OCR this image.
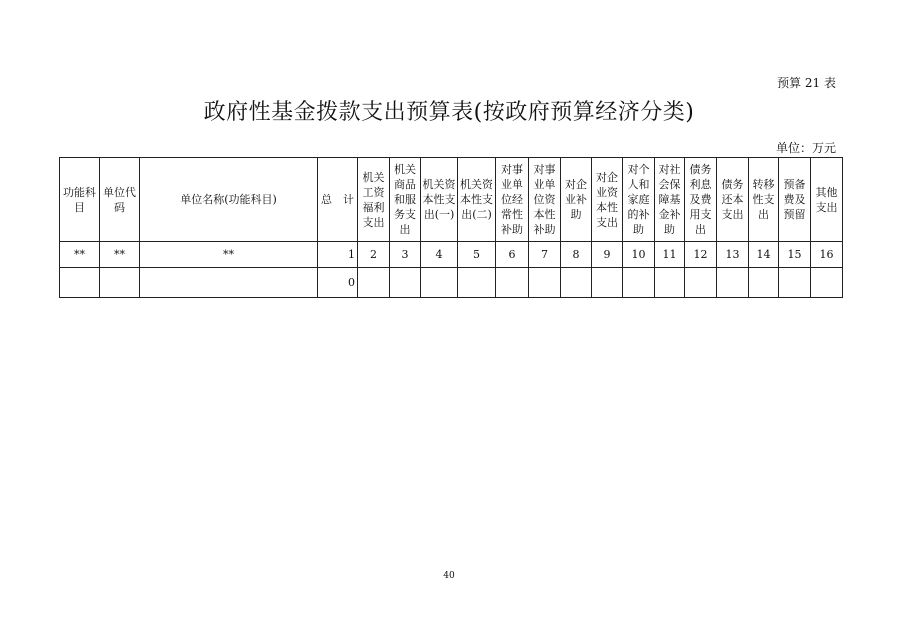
预算 21 表
政府性基金拨款支出预算表(按政府预算经济分类)
单位：万元
功能科目	单位代码	单位名称(功能科目)	总　计	机关工资福利支出	机关商品和服务支出	机关资本性支出(一)	机关资本性支出(二)	对事业单位经常性补助	对事业单位资本性补助	对企业补助	对企业资本性支出	对个人和家庭的补助	对社会保障基金补助	债务利息及费用支出	债务还本支出	转移性支出	预备费及预留	其他支出

**	**	**	1	2	3	4	5	6	7	8	9	10	11	12	13	14	15	16
			0															
40
